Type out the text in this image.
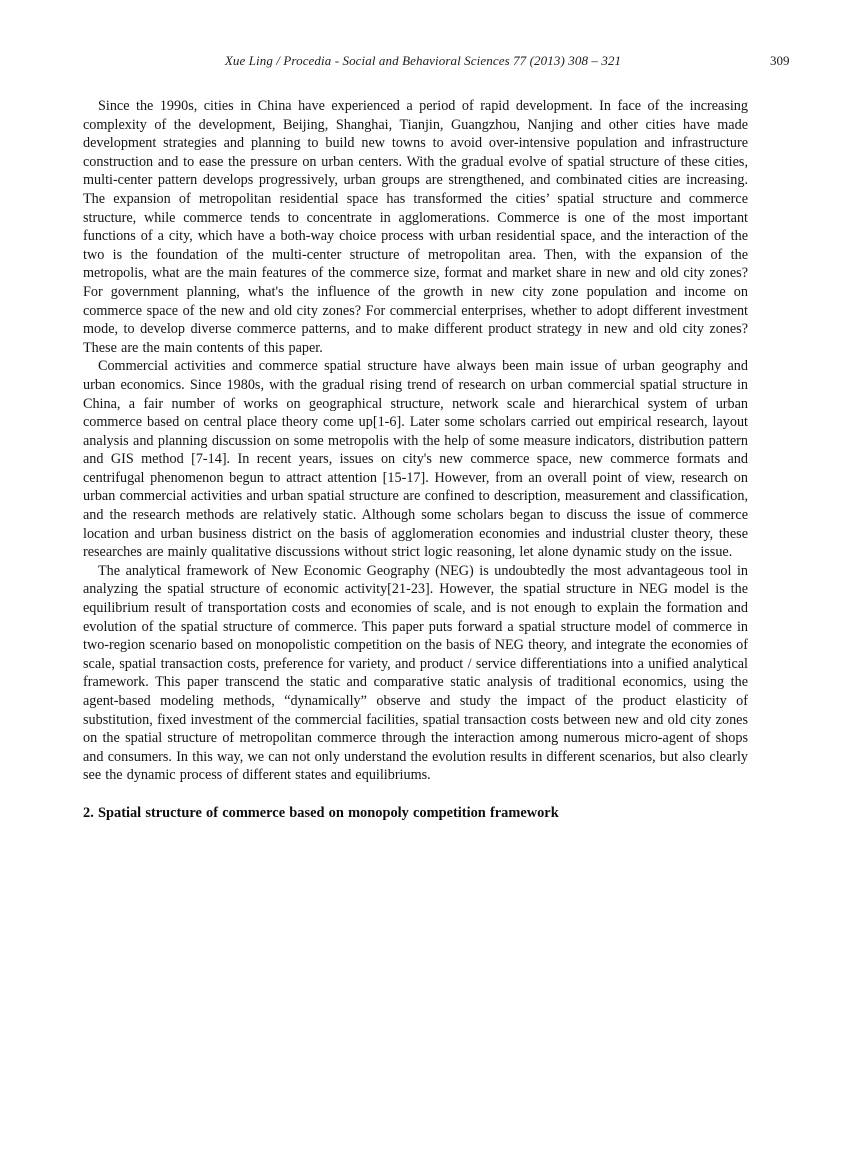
Xue Ling / Procedia - Social and Behavioral Sciences 77 (2013) 308 – 321	309

Since the 1990s, cities in China have experienced a period of rapid development. In face of the increasing complexity of the development, Beijing, Shanghai, Tianjin, Guangzhou, Nanjing and other cities have made development strategies and planning to build new towns to avoid over-intensive population and infrastructure construction and to ease the pressure on urban centers. With the gradual evolve of spatial structure of these cities, multi-center pattern develops progressively, urban groups are strengthened, and combinated cities are increasing. The expansion of metropolitan residential space has transformed the cities’ spatial structure and commerce structure, while commerce tends to concentrate in agglomerations. Commerce is one of the most important functions of a city, which have a both-way choice process with urban residential space, and the interaction of the two is the foundation of the multi-center structure of metropolitan area. Then, with the expansion of the metropolis, what are the main features of the commerce size, format and market share in new and old city zones? For government planning, what's the influence of the growth in new city zone population and income on commerce space of the new and old city zones? For commercial enterprises, whether to adopt different investment mode, to develop diverse commerce patterns, and to make different product strategy in new and old city zones? These are the main contents of this paper.

Commercial activities and commerce spatial structure have always been main issue of urban geography and urban economics. Since 1980s, with the gradual rising trend of research on urban commercial spatial structure in China, a fair number of works on geographical structure, network scale and hierarchical system of urban commerce based on central place theory come up[1-6]. Later some scholars carried out empirical research, layout analysis and planning discussion on some metropolis with the help of some measure indicators, distribution pattern and GIS method [7-14]. In recent years, issues on city's new commerce space, new commerce formats and centrifugal phenomenon begun to attract attention [15-17]. However, from an overall point of view, research on urban commercial activities and urban spatial structure are confined to description, measurement and classification, and the research methods are relatively static. Although some scholars began to discuss the issue of commerce location and urban business district on the basis of agglomeration economies and industrial cluster theory, these researches are mainly qualitative discussions without strict logic reasoning, let alone dynamic study on the issue.

The analytical framework of New Economic Geography (NEG) is undoubtedly the most advantageous tool in analyzing the spatial structure of economic activity[21-23]. However, the spatial structure in NEG model is the equilibrium result of transportation costs and economies of scale, and is not enough to explain the formation and evolution of the spatial structure of commerce. This paper puts forward a spatial structure model of commerce in two-region scenario based on monopolistic competition on the basis of NEG theory, and integrate the economies of scale, spatial transaction costs, preference for variety, and product / service differentiations into a unified analytical framework. This paper transcend the static and comparative static analysis of traditional economics, using the agent-based modeling methods, “dynamically” observe and study the impact of the product elasticity of substitution, fixed investment of the commercial facilities, spatial transaction costs between new and old city zones on the spatial structure of metropolitan commerce through the interaction among numerous micro-agent of shops and consumers. In this way, we can not only understand the evolution results in different scenarios, but also clearly see the dynamic process of different states and equilibriums.

2. Spatial structure of commerce based on monopoly competition framework
